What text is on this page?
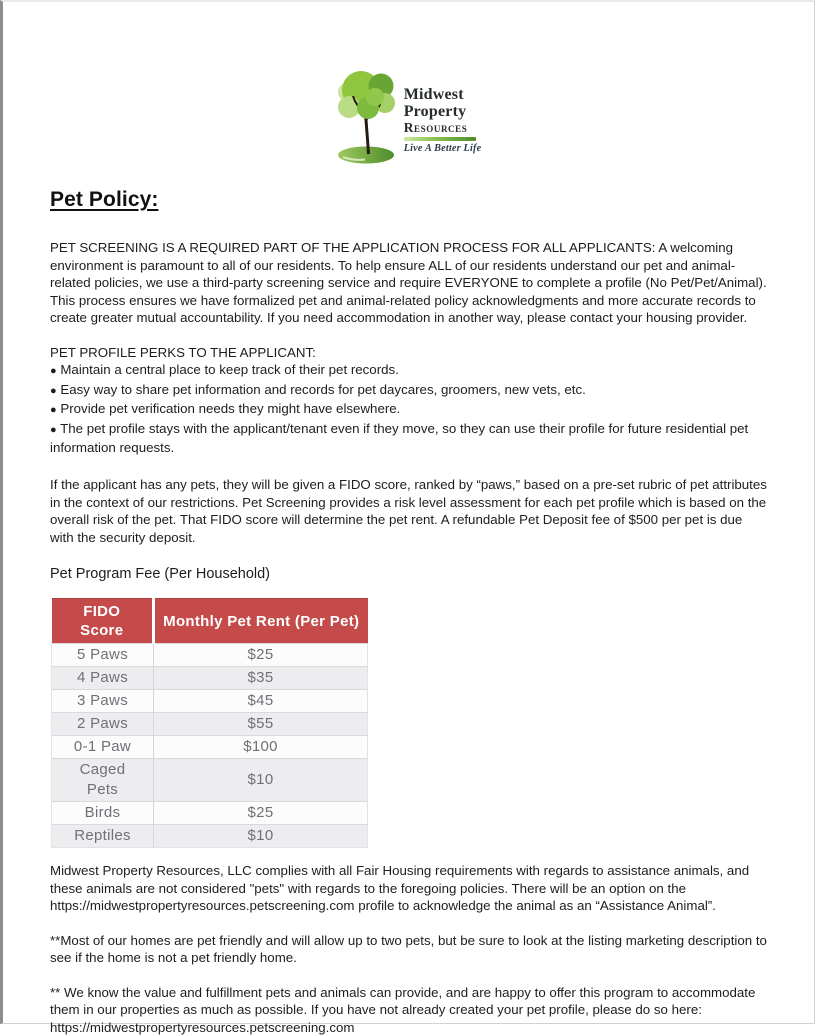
Midwest
Property
Resources
Live A Better Life
Pet Policy:

PET SCREENING IS A REQUIRED PART OF THE APPLICATION PROCESS FOR ALL APPLICANTS: A welcoming environment is paramount to all of our residents. To help ensure ALL of our residents understand our pet and animal-related policies, we use a third-party screening service and require EVERYONE to complete a profile (No Pet/Pet/Animal). This process ensures we have formalized pet and animal-related policy acknowledgments and more accurate records to create greater mutual accountability. If you need accommodation in another way, please contact your housing provider.

PET PROFILE PERKS TO THE APPLICANT:

● Maintain a central place to keep track of their pet records.

● Easy way to share pet information and records for pet daycares, groomers, new vets, etc.

● Provide pet verification needs they might have elsewhere.

● The pet profile stays with the applicant/tenant even if they move, so they can use their profile for future residential pet information requests.

If the applicant has any pets, they will be given a FIDO score, ranked by “paws,” based on a pre-set rubric of pet attributes in the context of our restrictions. Pet Screening provides a risk level assessment for each pet profile which is based on the overall risk of the pet. That FIDO score will determine the pet rent. A refundable Pet Deposit fee of $500 per pet is due with the security deposit.

Pet Program Fee (Per Household)
FIDO Score	Monthly Pet Rent (Per Pet)
5 Paws	$25
4 Paws	$35
3 Paws	$45
2 Paws	$55
0-1 Paw	$100
Caged Pets	$10
Birds	$25
Reptiles	$10

Midwest Property Resources, LLC complies with all Fair Housing requirements with regards to assistance animals, and these animals are not considered "pets" with regards to the foregoing policies. There will be an option on the https://midwestpropertyresources.petscreening.com profile to acknowledge the animal as an “Assistance Animal”.

**Most of our homes are pet friendly and will allow up to two pets, but be sure to look at the listing marketing description to see if the home is not a pet friendly home.

** We know the value and fulfillment pets and animals can provide, and are happy to offer this program to accommodate them in our properties as much as possible. If you have not already created your pet profile, please do so here: https://midwestpropertyresources.petscreening.com
